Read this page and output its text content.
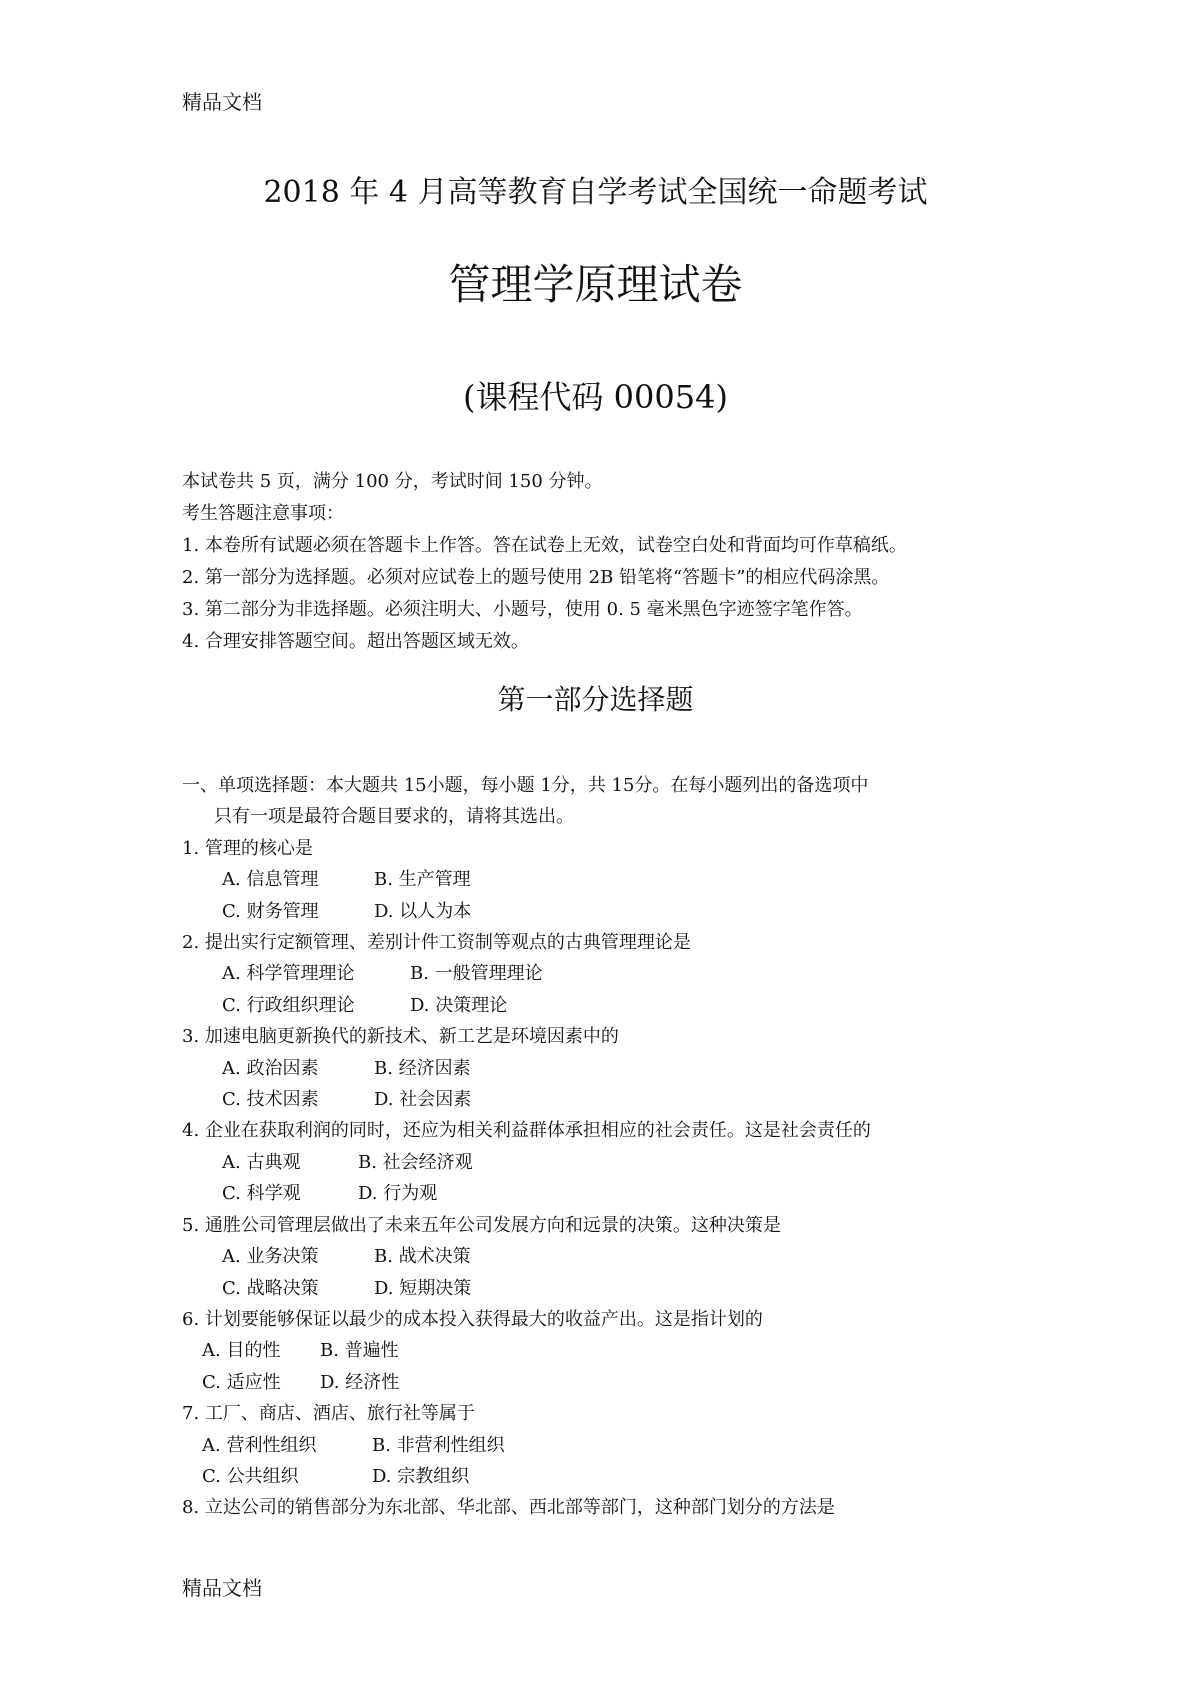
精品文档
2018 年 4 月高等教育自学考试全国统一命题考试
管理学原理试卷
(课程代码 00054)
本试卷共 5 页，满分 100 分，考试时间 150 分钟。
考生答题注意事项：
1. 本卷所有试题必须在答题卡上作答。答在试卷上无效，试卷空白处和背面均可作草稿纸。
2. 第一部分为选择题。必须对应试卷上的题号使用 2B 铅笔将“答题卡”的相应代码涂黑。
3. 第二部分为非选择题。必须注明大、小题号，使用 0. 5 毫米黑色字迹签字笔作答。
4. 合理安排答题空间。超出答题区域无效。
第一部分选择题
一、单项选择题：本大题共 15小题，每小题 1分，共 15分。在每小题列出的备选项中
只有一项是最符合题目要求的，请将其选出。
1. 管理的核心是
A. 信息管理	B. 生产管理
C. 财务管理	D. 以人为本
2. 提出实行定额管理、差别计件工资制等观点的古典管理理论是
A. 科学管理理论	B. 一般管理理论
C. 行政组织理论	D. 决策理论
3. 加速电脑更新换代的新技术、新工艺是环境因素中的
A. 政治因素	B. 经济因素
C. 技术因素	D. 社会因素
4. 企业在获取利润的同时，还应为相关利益群体承担相应的社会责任。这是社会责任的
A. 古典观	B. 社会经济观
C. 科学观	D. 行为观
5. 通胜公司管理层做出了未来五年公司发展方向和远景的决策。这种决策是
A. 业务决策	B. 战术决策
C. 战略决策	D. 短期决策
6. 计划要能够保证以最少的成本投入获得最大的收益产出。这是指计划的
A. 目的性 B. 普遍性
C. 适应性 D. 经济性
7. 工厂、商店、酒店、旅行社等属于
A. 营利性组织	B. 非营利性组织
C. 公共组织	D. 宗教组织
8. 立达公司的销售部分为东北部、华北部、西北部等部门，这种部门划分的方法是
精品文档
